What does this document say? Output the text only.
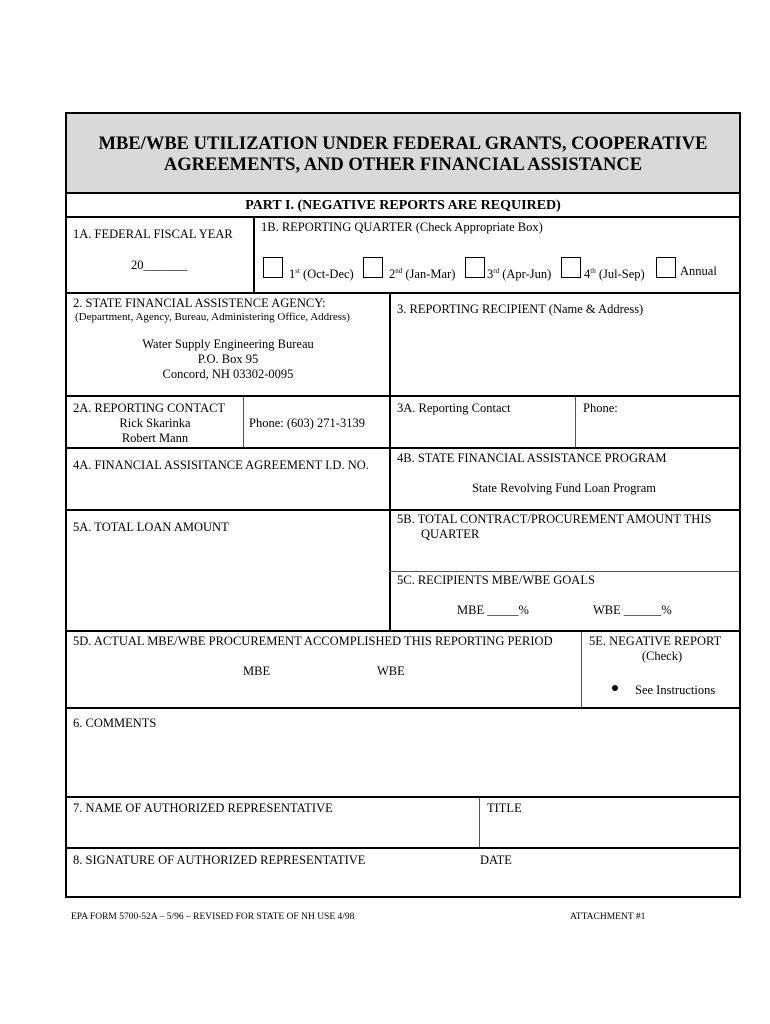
MBE/WBE UTILIZATION UNDER FEDERAL GRANTS, COOPERATIVE
AGREEMENTS, AND OTHER FINANCIAL ASSISTANCE
PART I. (NEGATIVE REPORTS ARE REQUIRED)
1A. FEDERAL FISCAL YEAR
20_______
1B. REPORTING QUARTER (Check Appropriate Box)
1st (Oct-Dec)	2nd (Jan-Mar)	3rd (Apr-Jun)	4th (Jul-Sep)	Annual
2. STATE FINANCIAL ASSISTENCE AGENCY:
(Department, Agency, Bureau, Administering Office, Address)
Water Supply Engineering Bureau
P.O. Box 95
Concord, NH 03302-0095
3. REPORTING RECIPIENT (Name & Address)
2A. REPORTING CONTACT
Rick Skarinka
Robert Mann
Phone: (603) 271-3139
3A. Reporting Contact	Phone:
4A. FINANCIAL ASSISITANCE AGREEMENT I.D. NO. 4B. STATE FINANCIAL ASSISTANCE PROGRAM
State Revolving Fund Loan Program
5A. TOTAL LOAN AMOUNT
5B. TOTAL CONTRACT/PROCUREMENT AMOUNT THIS
QUARTER
5C. RECIPIENTS MBE/WBE GOALS
MBE _____%	WBE ______%
5D. ACTUAL MBE/WBE PROCUREMENT ACCOMPLISHED THIS REPORTING PERIOD
MBE	WBE
5E. NEGATIVE REPORT
(Check)
See Instructions
6. COMMENTS
7. NAME OF AUTHORIZED REPRESENTATIVE	TITLE
8. SIGNATURE OF AUTHORIZED REPRESENTATIVE	DATE
EPA FORM 5700-52A – 5/96 – REVISED FOR STATE OF NH USE 4/98	ATTACHMENT #1
